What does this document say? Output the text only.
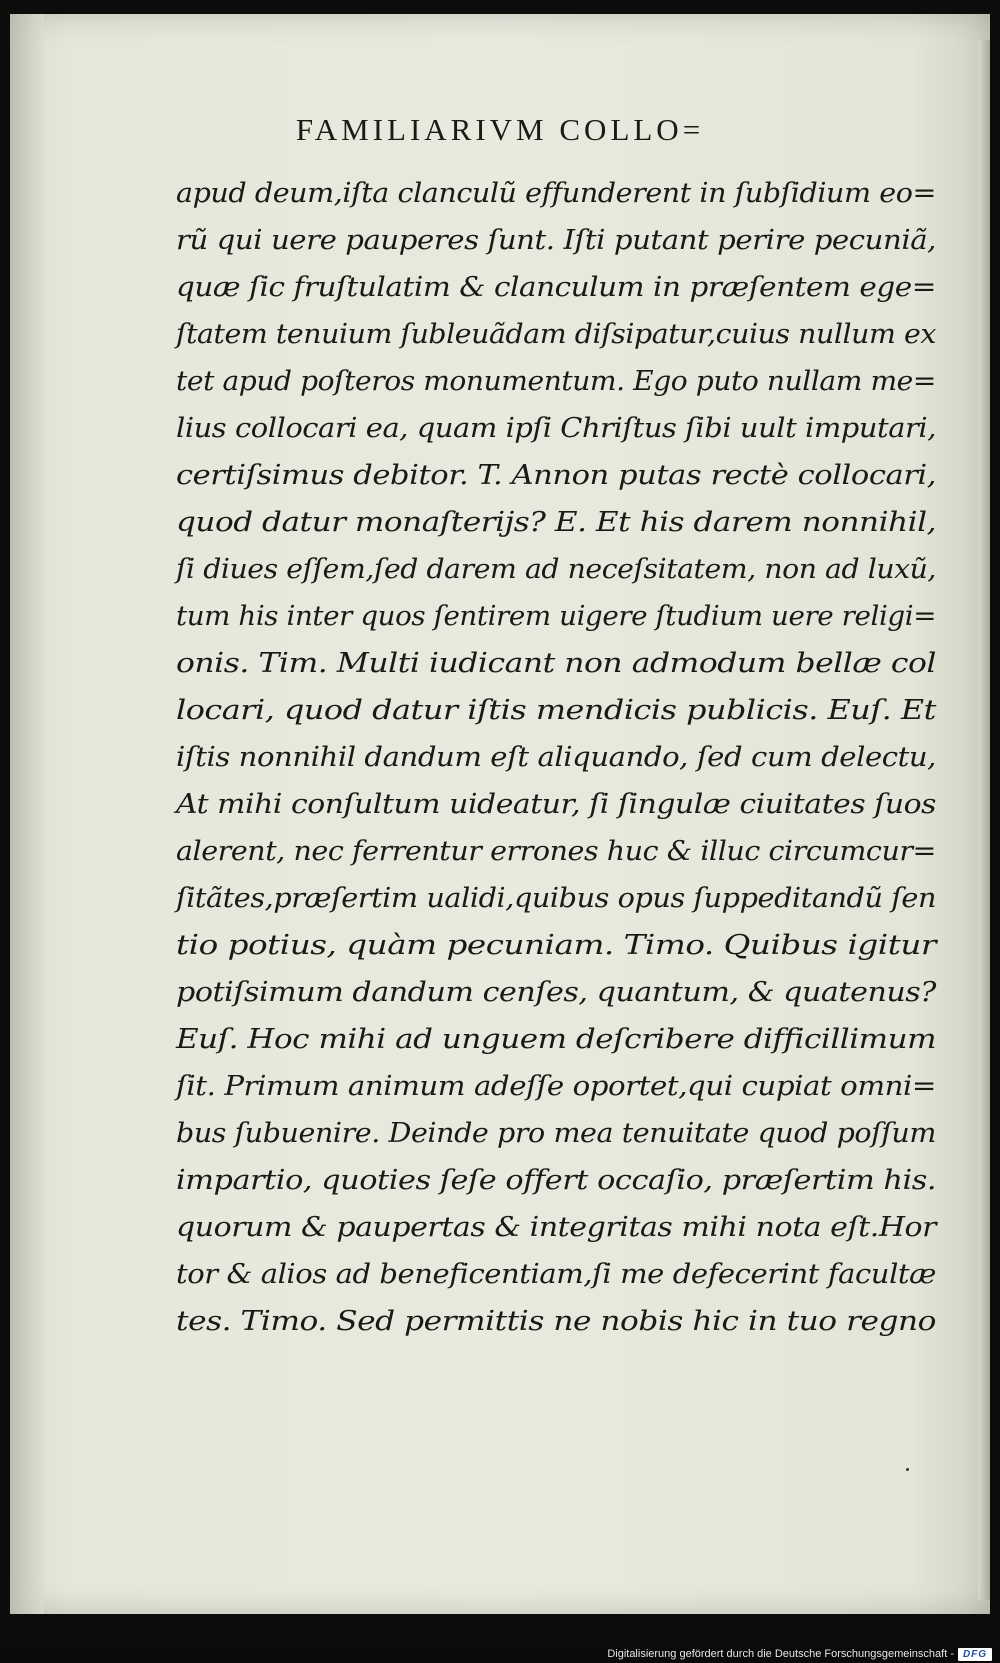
FAMILIARIVM COLLO=
apud deum,iſta clanculũ effunderent in ſubſidium eo=
rũ qui uere pauperes ſunt. Iſti putant perire pecuniã,
quæ ſic fruſtulatim & clanculum in præſentem ege=
ſtatem tenuium ſubleuãdam diſsipatur,cuius nullum ex
tet apud poſteros monumentum. Ego puto nullam me=
lius collocari ea, quam ipſi Chriſtus ſibi uult imputari,
certiſsimus debitor. T. Annon putas rectè collocari,
quod datur monaſterijs? E. Et his darem nonnihil,
ſi diues eſſem,ſed darem ad neceſsitatem, non ad luxũ,
tum his inter quos ſentirem uigere ſtudium uere religi=
onis. Tim. Multi iudicant non admodum bellæ col
locari, quod datur iſtis mendicis publicis. Euſ. Et
iſtis nonnihil dandum eſt aliquando, ſed cum delectu,
At mihi conſultum uideatur, ſi ſingulæ ciuitates ſuos
alerent, nec ferrentur errones huc & illuc circumcur=
ſitãtes,præſertim ualidi,quibus opus ſuppeditandũ ſen
tio potius, quàm pecuniam. Timo. Quibus igitur
potiſsimum dandum cenſes, quantum, & quatenus?
Euſ. Hoc mihi ad unguem deſcribere difficillimum
ſit. Primum animum adeſſe oportet,qui cupiat omni=
bus ſubuenire. Deinde pro mea tenuitate quod poſſum
impartio, quoties ſeſe offert occaſio, præſertim his.
quorum & paupertas & integritas mihi nota eſt.Hor
tor & alios ad beneficentiam,ſi me defecerint facultæ
tes. Timo. Sed permittis ne nobis hic in tuo regno
Digitalisierung gefördert durch die Deutsche Forschungsgemeinschaft - DFG
